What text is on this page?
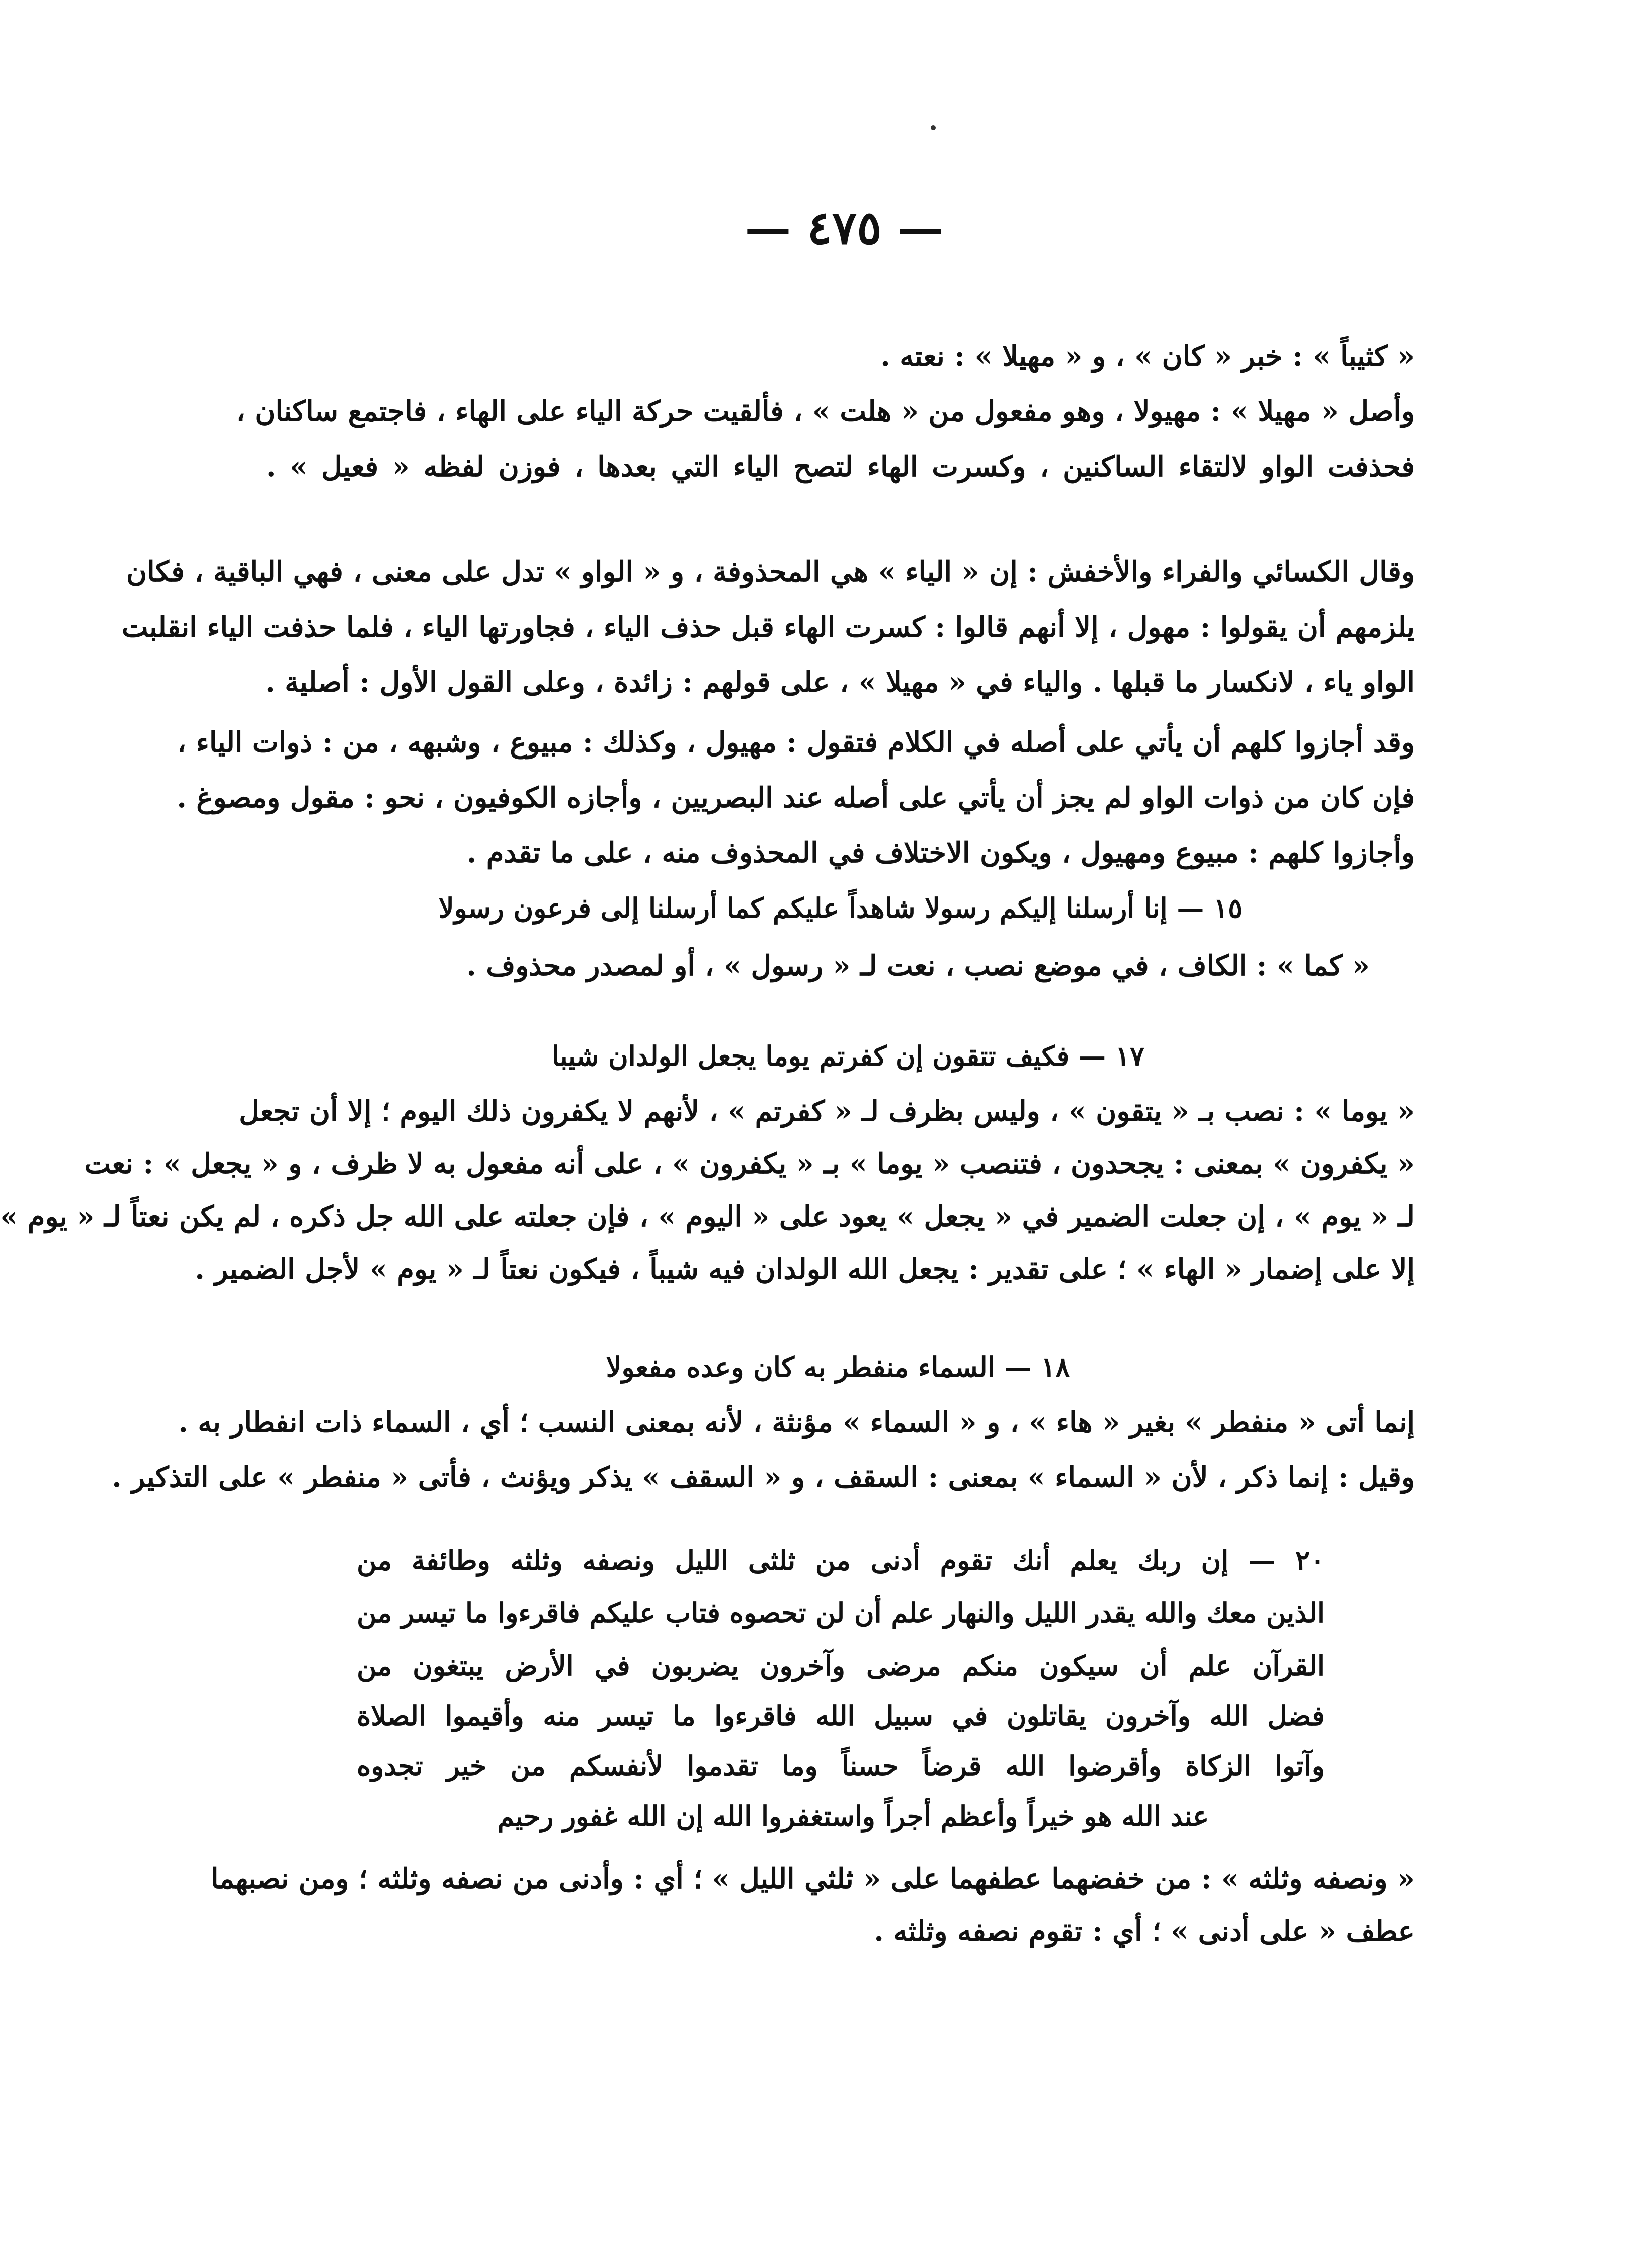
— ٤٧٥ —
« كثيباً » : خبر « كان » ، و « مهيلا » : نعته .
وأصل « مهيلا » : مهيولا ، وهو مفعول من « هلت » ، فألقيت حركة الياء على الهاء ، فاجتمع ساكنان ،
فحذفت الواو لالتقاء الساكنين ، وكسرت الهاء لتصح الياء التي بعدها ، فوزن لفظه « فعيل » .
وقال الكسائي والفراء والأخفش : إن « الياء » هي المحذوفة ، و « الواو » تدل على معنى ، فهي الباقية ، فكان
يلزمهم أن يقولوا : مهول ، إلا أنهم قالوا : كسرت الهاء قبل حذف الياء ، فجاورتها الياء ، فلما حذفت الياء انقلبت
الواو ياء ، لانكسار ما قبلها . والياء في « مهيلا » ، على قولهم : زائدة ، وعلى القول الأول : أصلية .
وقد أجازوا كلهم أن يأتي على أصله في الكلام فتقول : مهيول ، وكذلك : مبيوع ، وشبهه ، من : ذوات الياء ،
فإن كان من ذوات الواو لم يجز أن يأتي على أصله عند البصريين ، وأجازه الكوفيون ، نحو : مقول ومصوغ .
وأجازوا كلهم : مبيوع ومهيول ، ويكون الاختلاف في المحذوف منه ، على ما تقدم .
١٥ — إنا أرسلنا إليكم رسولا شاهداً عليكم كما أرسلنا إلى فرعون رسولا
« كما » : الكاف ، في موضع نصب ، نعت لـ « رسول » ، أو لمصدر محذوف .
١٧ — فكيف تتقون إن كفرتم يوما يجعل الولدان شيبا
« يوما » : نصب بـ « يتقون » ، وليس بظرف لـ « كفرتم » ، لأنهم لا يكفرون ذلك اليوم ؛ إلا أن تجعل
« يكفرون » بمعنى : يجحدون ، فتنصب « يوما » بـ « يكفرون » ، على أنه مفعول به لا ظرف ، و « يجعل » : نعت
لـ « يوم » ، إن جعلت الضمير في « يجعل » يعود على « اليوم » ، فإن جعلته على الله جل ذكره ، لم يكن نعتاً لـ « يوم »
إلا على إضمار « الهاء » ؛ على تقدير : يجعل الله الولدان فيه شيباً ، فيكون نعتاً لـ « يوم » لأجل الضمير .
١٨ — السماء منفطر به كان وعده مفعولا
إنما أتى « منفطر » بغير « هاء » ، و « السماء » مؤنثة ، لأنه بمعنى النسب ؛ أي ، السماء ذات انفطار به .
وقيل : إنما ذكر ، لأن « السماء » بمعنى : السقف ، و « السقف » يذكر ويؤنث ، فأتى « منفطر » على التذكير .
٢٠ — إن ربك يعلم أنك تقوم أدنى من ثلثى الليل ونصفه وثلثه وطائفة من
الذين معك والله يقدر الليل والنهار علم أن لن تحصوه فتاب عليكم فاقرءوا ما تيسر من
القرآن علم أن سيكون منكم مرضى وآخرون يضربون في الأرض يبتغون من
فضل الله وآخرون يقاتلون في سبيل الله فاقرءوا ما تيسر منه وأقيموا الصلاة
وآتوا الزكاة وأقرضوا الله قرضاً حسناً وما تقدموا لأنفسكم من خير تجدوه
عند الله هو خيراً وأعظم أجراً واستغفروا الله إن الله غفور رحيم
« ونصفه وثلثه » : من خفضهما عطفهما على « ثلثي الليل » ؛ أي : وأدنى من نصفه وثلثه ؛ ومن نصبهما
عطف « على أدنى » ؛ أي : تقوم نصفه وثلثه .
